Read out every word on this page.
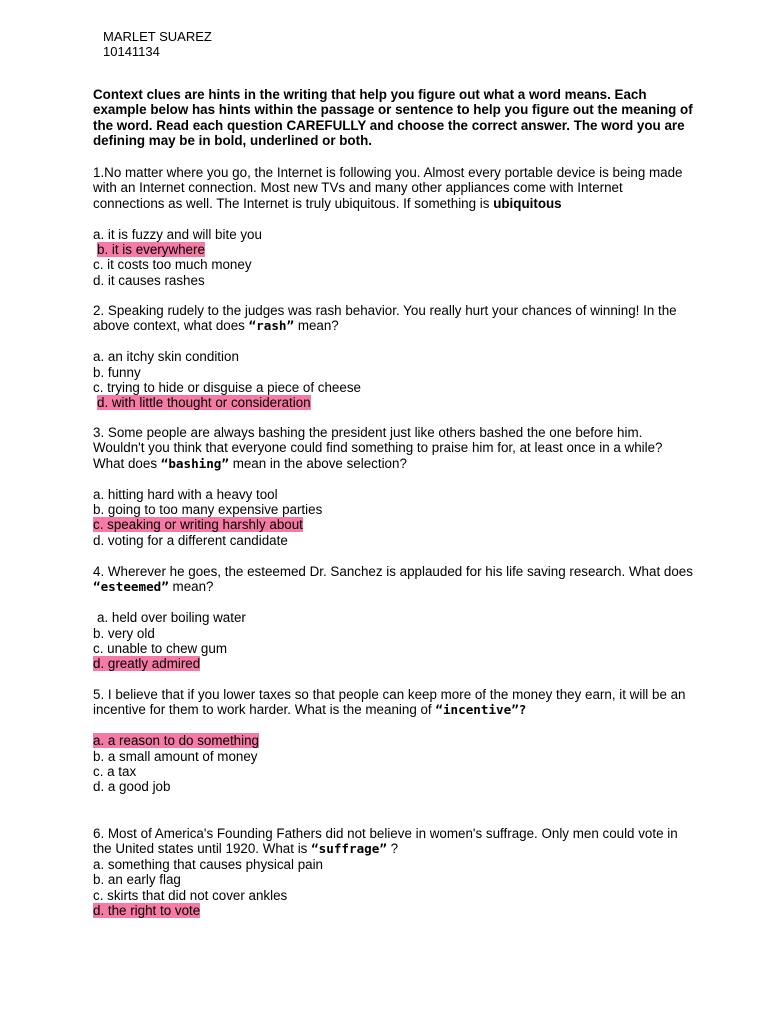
MARLET SUAREZ
10141134
Context clues are hints in the writing that help you figure out what a word means. Each example below has hints within the passage or sentence to help you figure out the meaning of the word. Read each question CAREFULLY and choose the correct answer. The word you are defining may be in bold, underlined or both.

1.No matter where you go, the Internet is following you. Almost every portable device is being made with an Internet connection. Most new TVs and many other appliances come with Internet connections as well. The Internet is truly ubiquitous. If something is ubiquitous

a. it is fuzzy and will bite you

b. it is everywhere

c. it costs too much money

d. it causes rashes

2. Speaking rudely to the judges was rash behavior. You really hurt your chances of winning! In the above context, what does “rash” mean?

a. an itchy skin condition

b. funny

c. trying to hide or disguise a piece of cheese

d. with little thought or consideration

3. Some people are always bashing the president just like others bashed the one before him. Wouldn't you think that everyone could find something to praise him for, at least once in a while? What does “bashing” mean in the above selection?

a. hitting hard with a heavy tool

b. going to too many expensive parties

c. speaking or writing harshly about

d. voting for a different candidate

4. Wherever he goes, the esteemed Dr. Sanchez is applauded for his life saving research. What does “esteemed” mean?

a. held over boiling water

b. very old

c. unable to chew gum

d. greatly admired

5. I believe that if you lower taxes so that people can keep more of the money they earn, it will be an incentive for them to work harder. What is the meaning of “incentive”?

a. a reason to do something

b. a small amount of money

c. a tax

d. a good job

6. Most of America's Founding Fathers did not believe in women's suffrage. Only men could vote in the United states until 1920. What is “suffrage” ?

a. something that causes physical pain

b. an early flag

c. skirts that did not cover ankles

d. the right to vote
